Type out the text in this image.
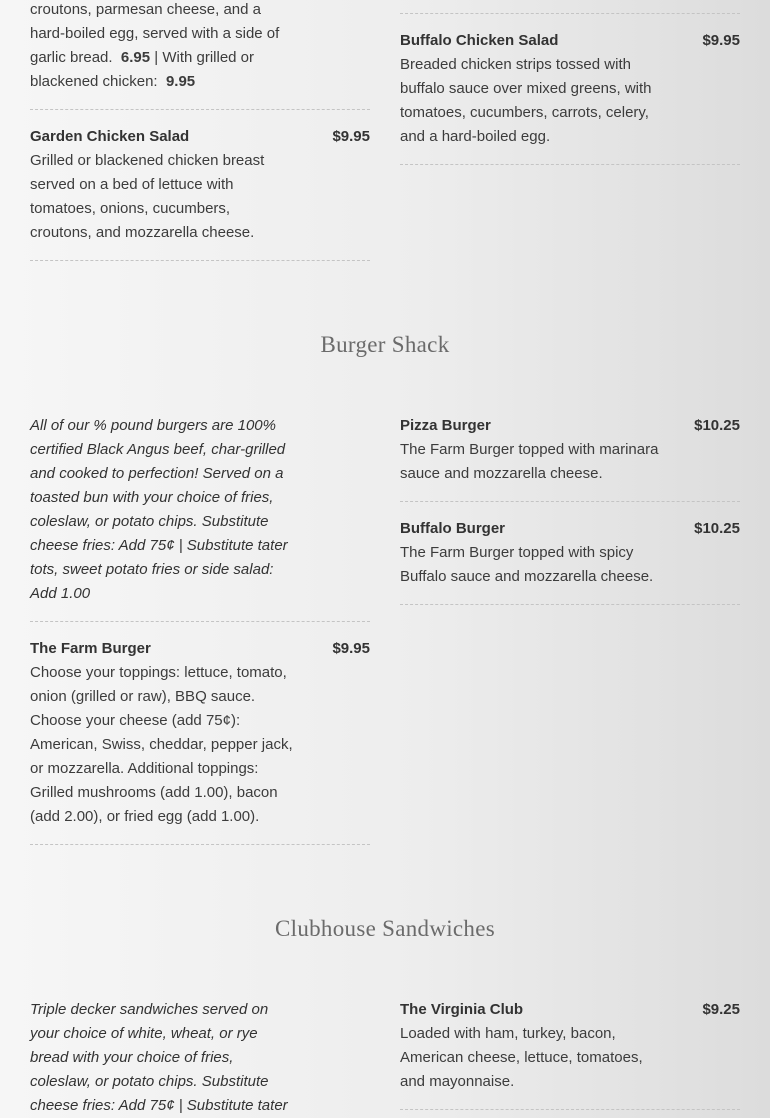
croutons, parmesan cheese, and a
hard-boiled egg, served with a side of
garlic bread. 6.95 | With grilled or
blackened chicken: 9.95
Buffalo Chicken Salad	$9.95
Breaded chicken strips tossed with
buffalo sauce over mixed greens, with
tomatoes, cucumbers, carrots, celery,
and a hard-boiled egg.
Garden Chicken Salad	$9.95
Grilled or blackened chicken breast
served on a bed of lettuce with
tomatoes, onions, cucumbers,
croutons, and mozzarella cheese.
Burger Shack
All of our % pound burgers are 100%
certified Black Angus beef, char-grilled
and cooked to perfection! Served on a
toasted bun with your choice of fries,
coleslaw, or potato chips. Substitute
cheese fries: Add 75¢ | Substitute tater
tots, sweet potato fries or side salad:
Add 1.00
Pizza Burger	$10.25
The Farm Burger topped with marinara
sauce and mozzarella cheese.
Buffalo Burger	$10.25
The Farm Burger topped with spicy
Buffalo sauce and mozzarella cheese.
The Farm Burger	$9.95
Choose your toppings: lettuce, tomato,
onion (grilled or raw), BBQ sauce.
Choose your cheese (add 75¢):
American, Swiss, cheddar, pepper jack,
or mozzarella. Additional toppings:
Grilled mushrooms (add 1.00), bacon
(add 2.00), or fried egg (add 1.00).
Clubhouse Sandwiches
Triple decker sandwiches served on
your choice of white, wheat, or rye
bread with your choice of fries,
coleslaw, or potato chips. Substitute
cheese fries: Add 75¢ | Substitute tater
The Virginia Club	$9.25
Loaded with ham, turkey, bacon,
American cheese, lettuce, tomatoes,
and mayonnaise.
